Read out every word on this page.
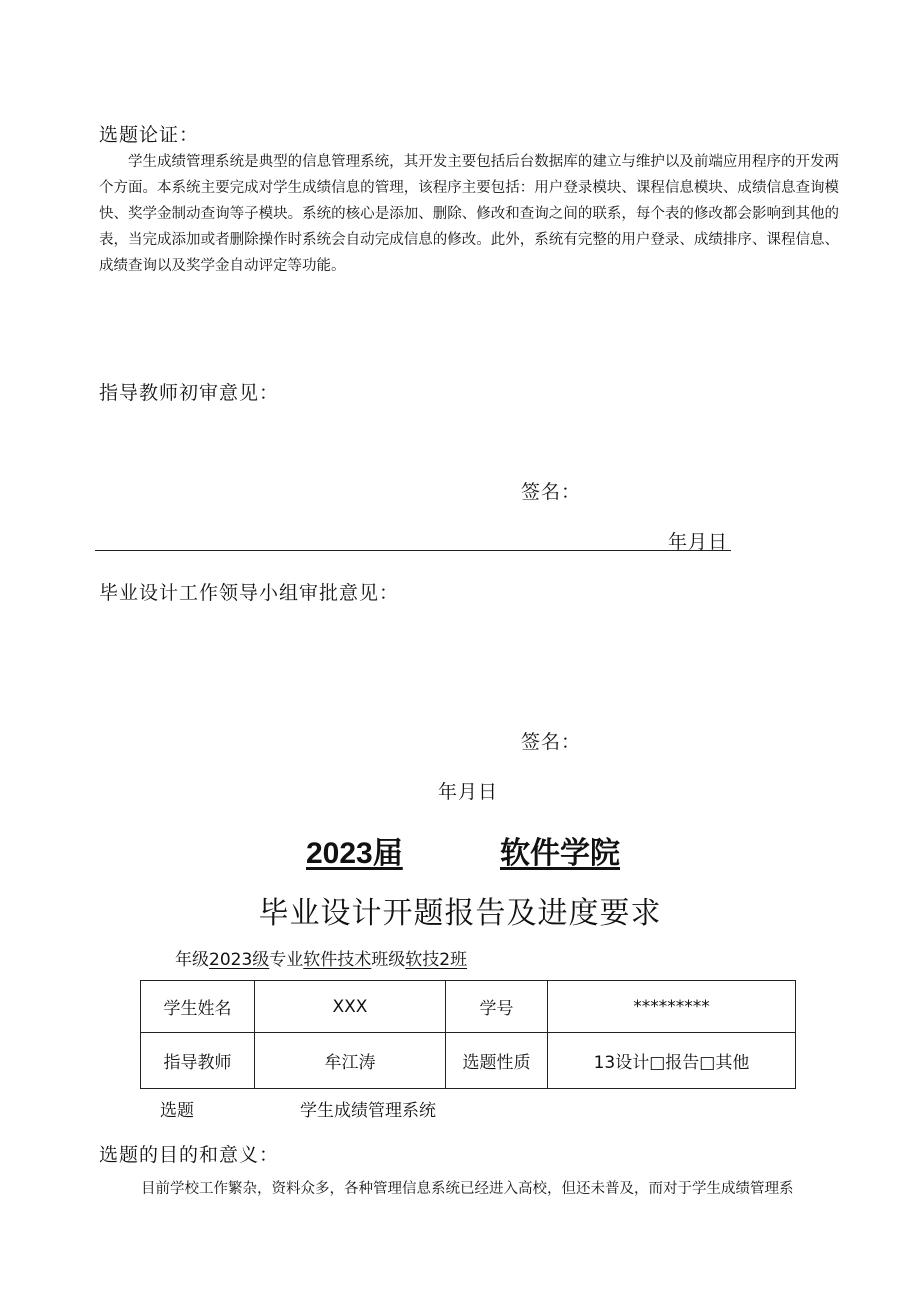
选题论证：
学生成绩管理系统是典型的信息管理系统，其开发主要包括后台数据库的建立与维护以及前端应用程序的开发两个方面。本系统主要完成对学生成绩信息的管理，该程序主要包括：用户登录模块、课程信息模块、成绩信息查询模快、奖学金制动查询等子模块。系统的核心是添加、删除、修改和查询之间的联系，每个表的修改都会影响到其他的表，当完成添加或者删除操作时系统会自动完成信息的修改。此外，系统有完整的用户登录、成绩排序、课程信息、成绩查询以及奖学金自动评定等功能。
指导教师初审意见：
签名：
年月日
毕业设计工作领导小组审批意见：
签名：
年月日
2023届	软件学院
毕业设计开题报告及进度要求
年级2023级专业软件技术班级软技2班
学生姓名	XXX	学号	*********
指导教师	牟江涛	选题性质	13设计□报告□其他
选题	学生成绩管理系统
选题的目的和意义：
目前学校工作繁杂，资料众多，各种管理信息系统已经进入高校，但还未普及，而对于学生成绩管理系
